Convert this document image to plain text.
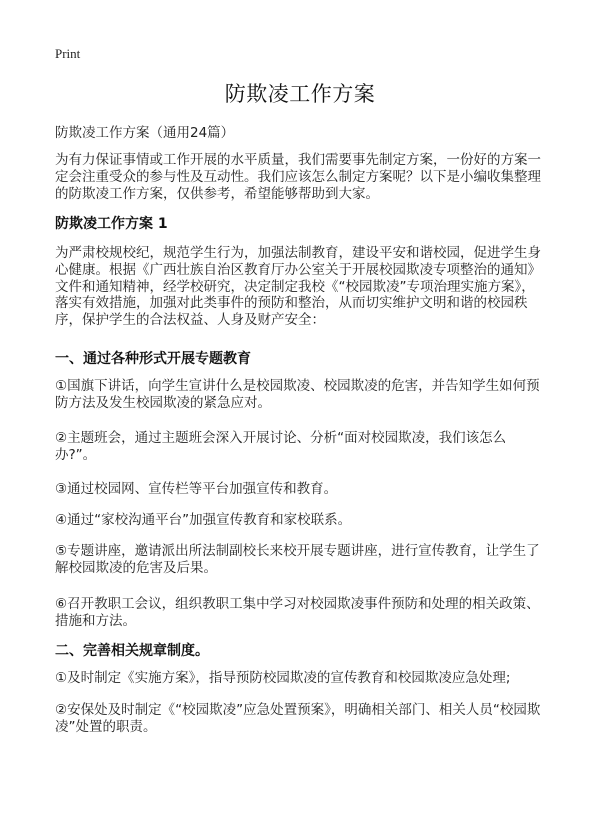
Print
防欺凌工作方案
防欺凌工作方案（通用24篇）
为有力保证事情或工作开展的水平质量，我们需要事先制定方案，一份好的方案一定会注重受众的参与性及互动性。我们应该怎么制定方案呢？以下是小编收集整理的防欺凌工作方案，仅供参考，希望能够帮助到大家。
防欺凌工作方案 1
为严肃校规校纪，规范学生行为，加强法制教育，建设平安和谐校园，促进学生身心健康。根据《广西壮族自治区教育厅办公室关于开展校园欺凌专项整治的通知》文件和通知精神，经学校研究，决定制定我校《“校园欺凌”专项治理实施方案》，落实有效措施，加强对此类事件的预防和整治，从而切实维护文明和谐的校园秩序，保护学生的合法权益、人身及财产安全：
一、通过各种形式开展专题教育
①国旗下讲话，向学生宣讲什么是校园欺凌、校园欺凌的危害，并告知学生如何预防方法及发生校园欺凌的紧急应对。
②主题班会，通过主题班会深入开展讨论、分析“面对校园欺凌，我们该怎么办?”。
③通过校园网、宣传栏等平台加强宣传和教育。
④通过“家校沟通平台”加强宣传教育和家校联系。
⑤专题讲座，邀请派出所法制副校长来校开展专题讲座，进行宣传教育，让学生了解校园欺凌的危害及后果。
⑥召开教职工会议，组织教职工集中学习对校园欺凌事件预防和处理的相关政策、措施和方法。
二、完善相关规章制度。
①及时制定《实施方案》，指导预防校园欺凌的宣传教育和校园欺凌应急处理;
②安保处及时制定《“校园欺凌”应急处置预案》，明确相关部门、相关人员“校园欺凌”处置的职责。
